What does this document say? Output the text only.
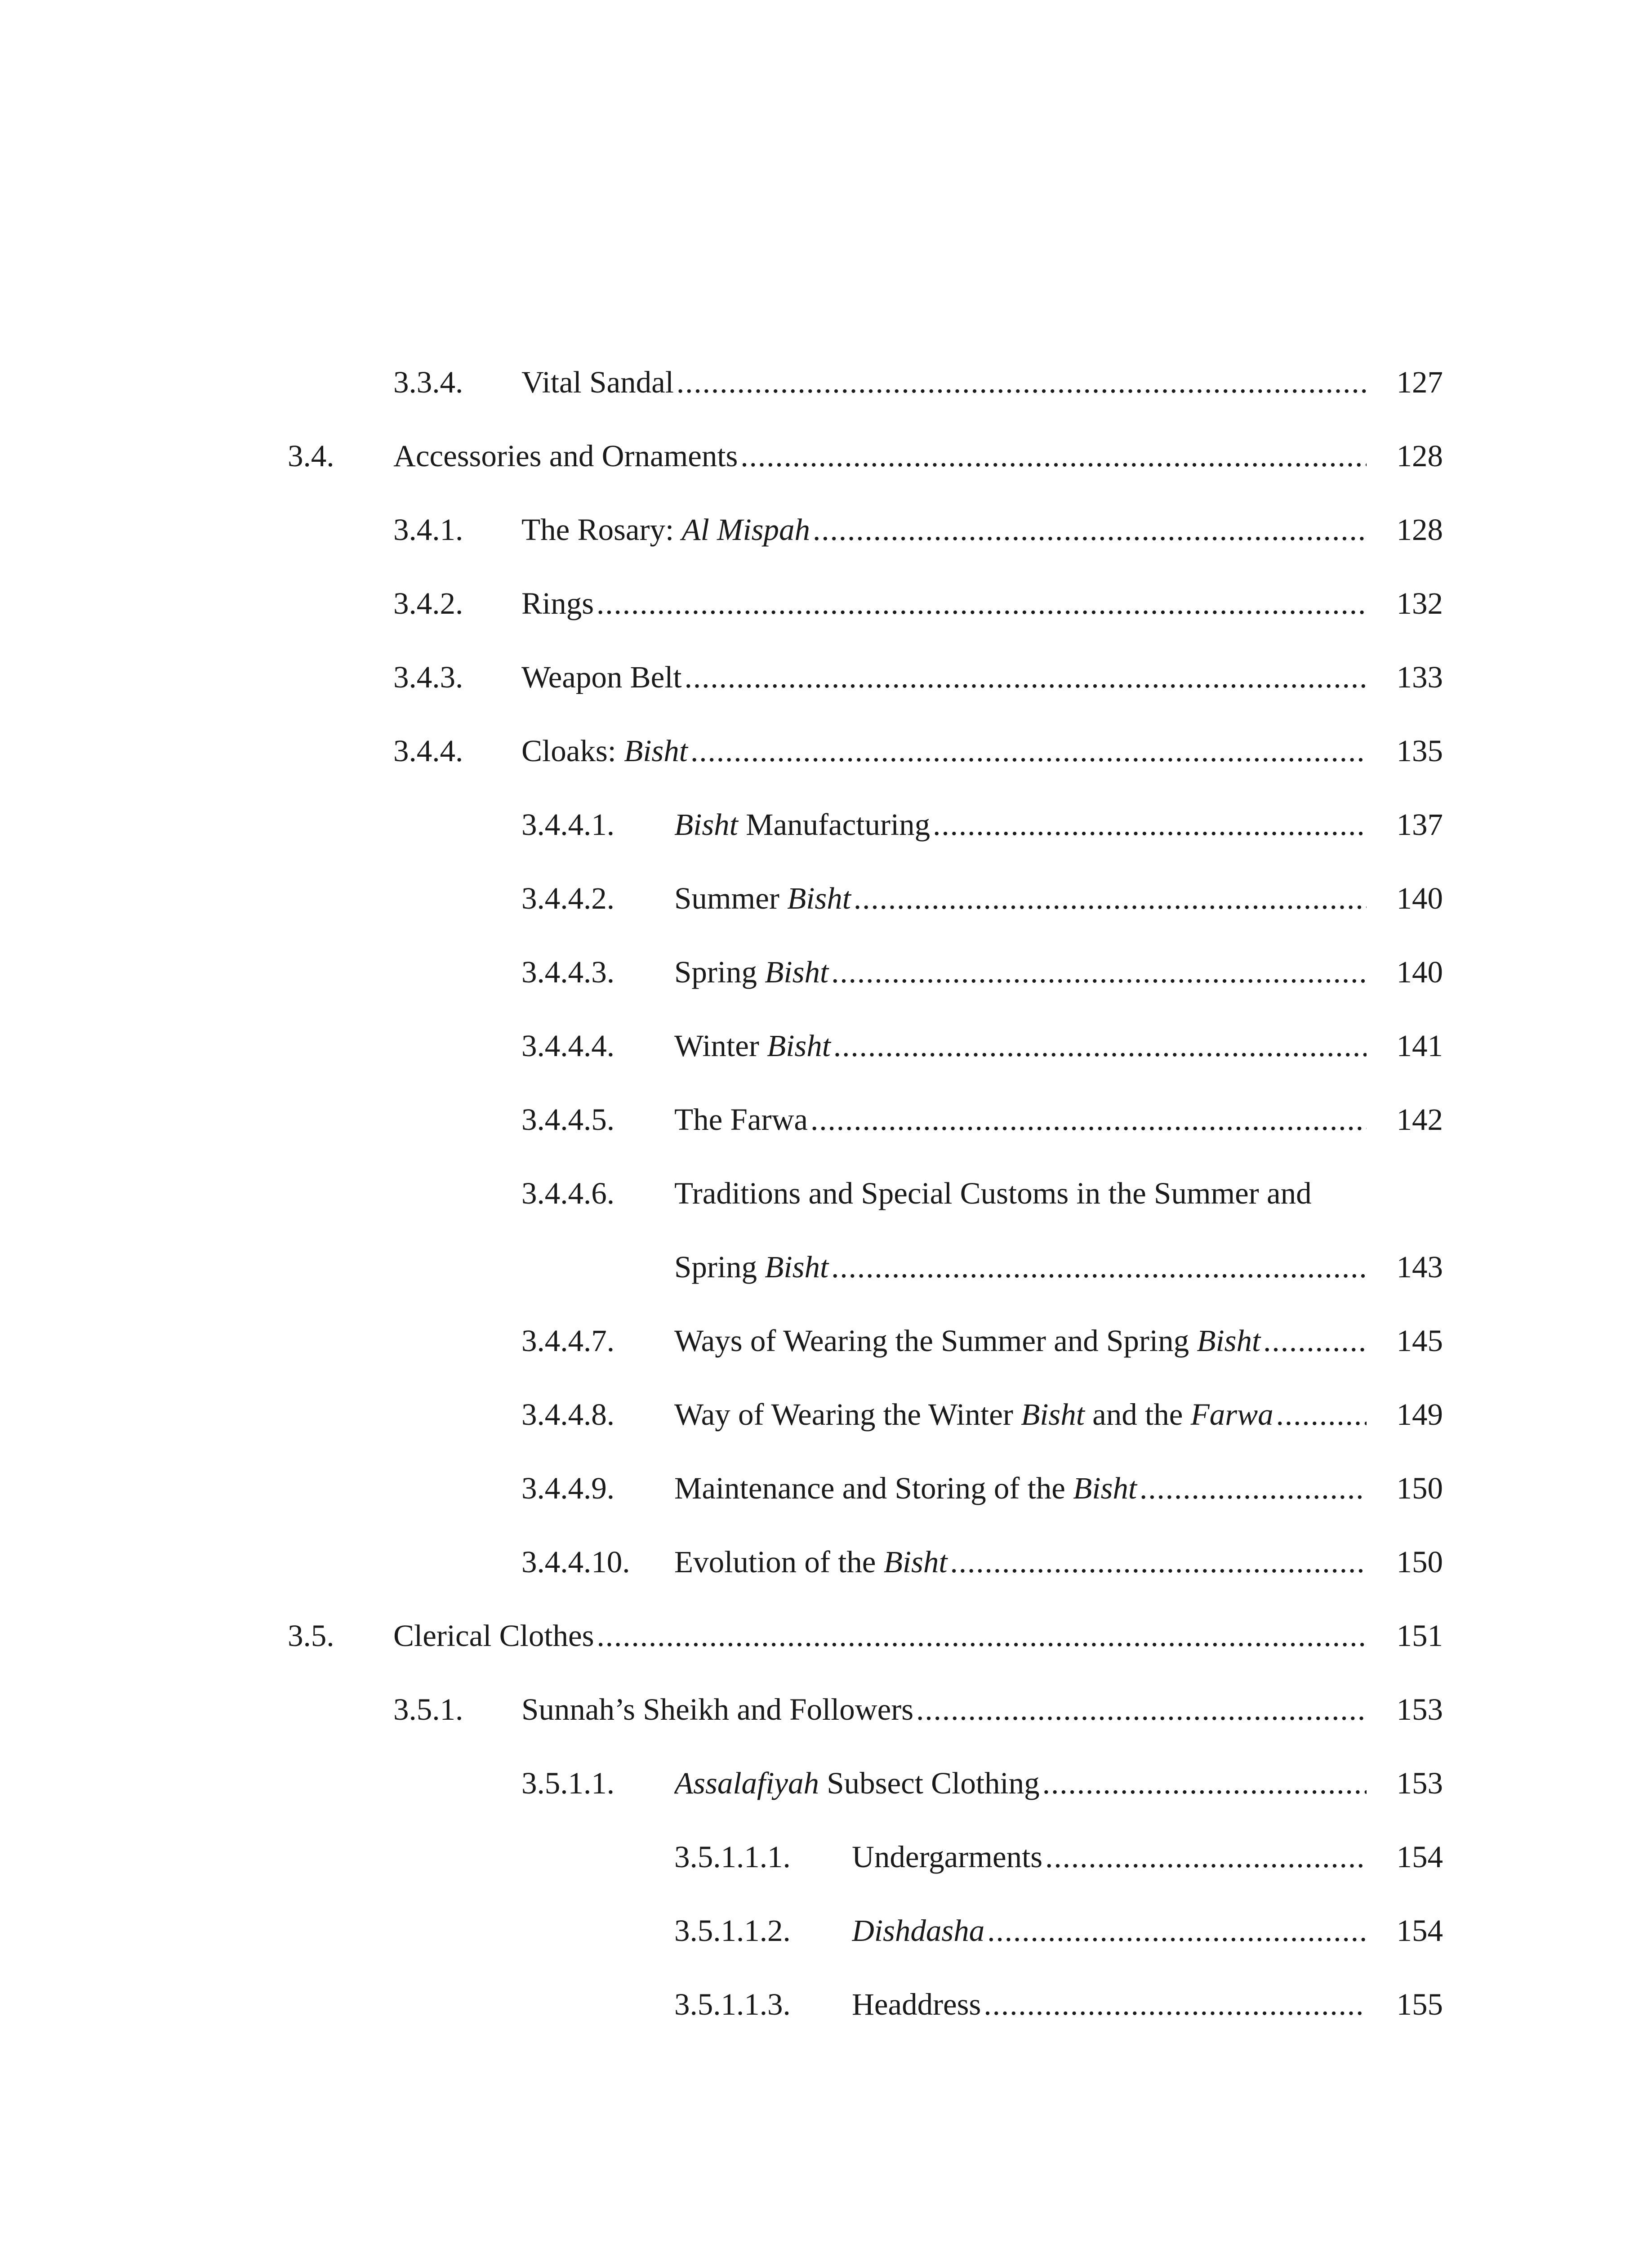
3.3.4. Vital Sandal .....	127
3.4. Accessories and Ornaments .....	128
3.4.1. The Rosary: Al Mispah .....	128
3.4.2. Rings .....	132
3.4.3. Weapon Belt .....	133
3.4.4. Cloaks: Bisht .....	135
3.4.4.1. Bisht Manufacturing .....	137
3.4.4.2. Summer Bisht .....	140
3.4.4.3. Spring Bisht .....	140
3.4.4.4. Winter Bisht .....	141
3.4.4.5. The Farwa .....	142
3.4.4.6. Traditions and Special Customs in the Summer and
Spring Bisht .....	143
3.4.4.7. Ways of Wearing the Summer and Spring Bisht .....	145
3.4.4.8. Way of Wearing the Winter Bisht and the Farwa .....	149
3.4.4.9. Maintenance and Storing of the Bisht .....	150
3.4.4.10. Evolution of the Bisht .....	150
3.5. Clerical Clothes .....	151
3.5.1. Sunnah’s Sheikh and Followers .....	153
3.5.1.1. Assalafiyah Subsect Clothing .....	153
3.5.1.1.1. Undergarments .....	154
3.5.1.1.2. Dishdasha .....	154
3.5.1.1.3. Headdress .....	155
